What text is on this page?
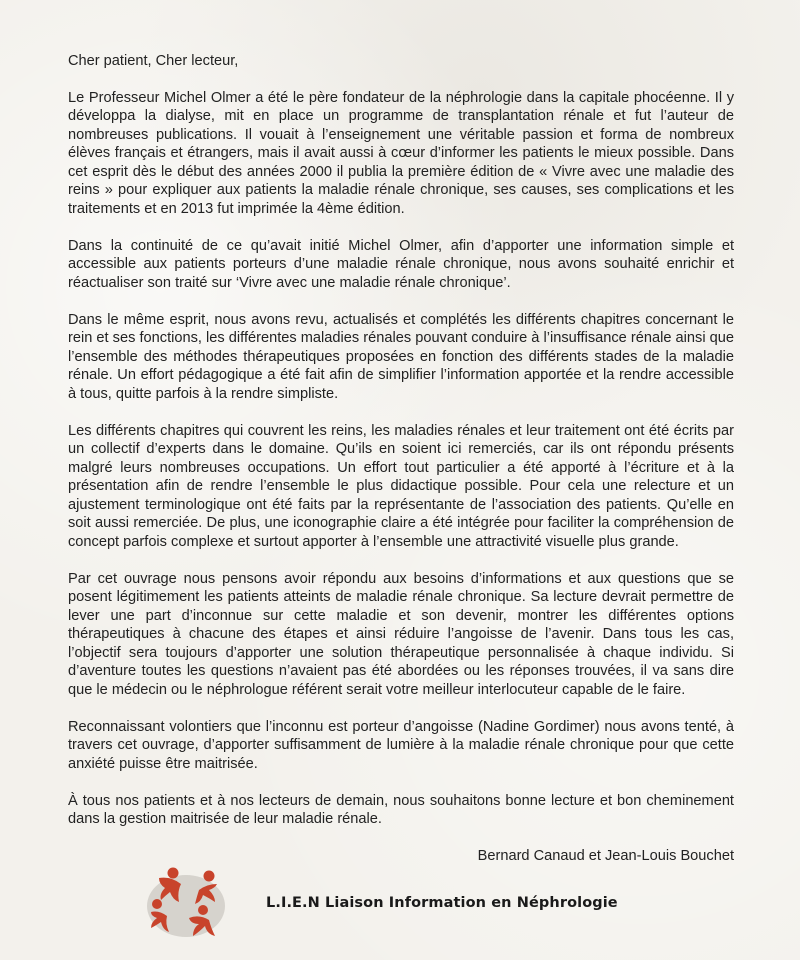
Cher patient, Cher lecteur,

Le Professeur Michel Olmer a été le père fondateur de la néphrologie dans la capitale phocéenne. Il y développa la dialyse, mit en place un programme de transplantation rénale et fut l’auteur de nombreuses publications. Il vouait à l’enseignement une véritable passion et forma de nombreux élèves français et étrangers, mais il avait aussi à cœur d’informer les patients le mieux possible. Dans cet esprit dès le début des années 2000 il publia la première édition de « Vivre avec une maladie des reins » pour expliquer aux patients la maladie rénale chronique, ses causes, ses complications et les traitements et en 2013 fut imprimée la 4ème édition.

Dans la continuité de ce qu’avait initié Michel Olmer, afin d’apporter une information simple et accessible aux patients porteurs d’une maladie rénale chronique, nous avons souhaité enrichir et réactualiser son traité sur ‘Vivre avec une maladie rénale chronique’.

Dans le même esprit, nous avons revu, actualisés et complétés les différents chapitres concernant le rein et ses fonctions, les différentes maladies rénales pouvant conduire à l’insuffisance rénale ainsi que l’ensemble des méthodes thérapeutiques proposées en fonction des différents stades de la maladie rénale. Un effort pédagogique a été fait afin de simplifier l’information apportée et la rendre accessible à tous, quitte parfois à la rendre simpliste.

Les différents chapitres qui couvrent les reins, les maladies rénales et leur traitement ont été écrits par un collectif d’experts dans le domaine. Qu’ils en soient ici remerciés, car ils ont répondu présents malgré leurs nombreuses occupations. Un effort tout particulier a été apporté à l’écriture et à la présentation afin de rendre l’ensemble le plus didactique possible. Pour cela une relecture et un ajustement terminologique ont été faits par la représentante de l’association des patients. Qu’elle en soit aussi remerciée. De plus, une iconographie claire a été intégrée pour faciliter la compréhension de concept parfois complexe et surtout apporter à l’ensemble une attractivité visuelle plus grande.

Par cet ouvrage nous pensons avoir répondu aux besoins d’informations et aux questions que se posent légitimement les patients atteints de maladie rénale chronique. Sa lecture devrait permettre de lever une part d’inconnue sur cette maladie et son devenir, montrer les différentes options thérapeutiques à chacune des étapes et ainsi réduire l’angoisse de l’avenir. Dans tous les cas, l’objectif sera toujours d’apporter une solution thérapeutique personnalisée à chaque individu. Si d’aventure toutes les questions n’avaient pas été abordées ou les réponses trouvées, il va sans dire que le médecin ou le néphrologue référent serait votre meilleur interlocuteur capable de le faire.

Reconnaissant volontiers que l’inconnu est porteur d’angoisse (Nadine Gordimer) nous avons tenté, à travers cet ouvrage, d’apporter suffisamment de lumière à la maladie rénale chronique pour que cette anxiété puisse être maitrisée.

À tous nos patients et à nos lecteurs de demain, nous souhaitons bonne lecture et bon cheminement dans la gestion maitrisée de leur maladie rénale.

Bernard Canaud et Jean-Louis Bouchet

L.I.E.N Liaison Information en Néphrologie
